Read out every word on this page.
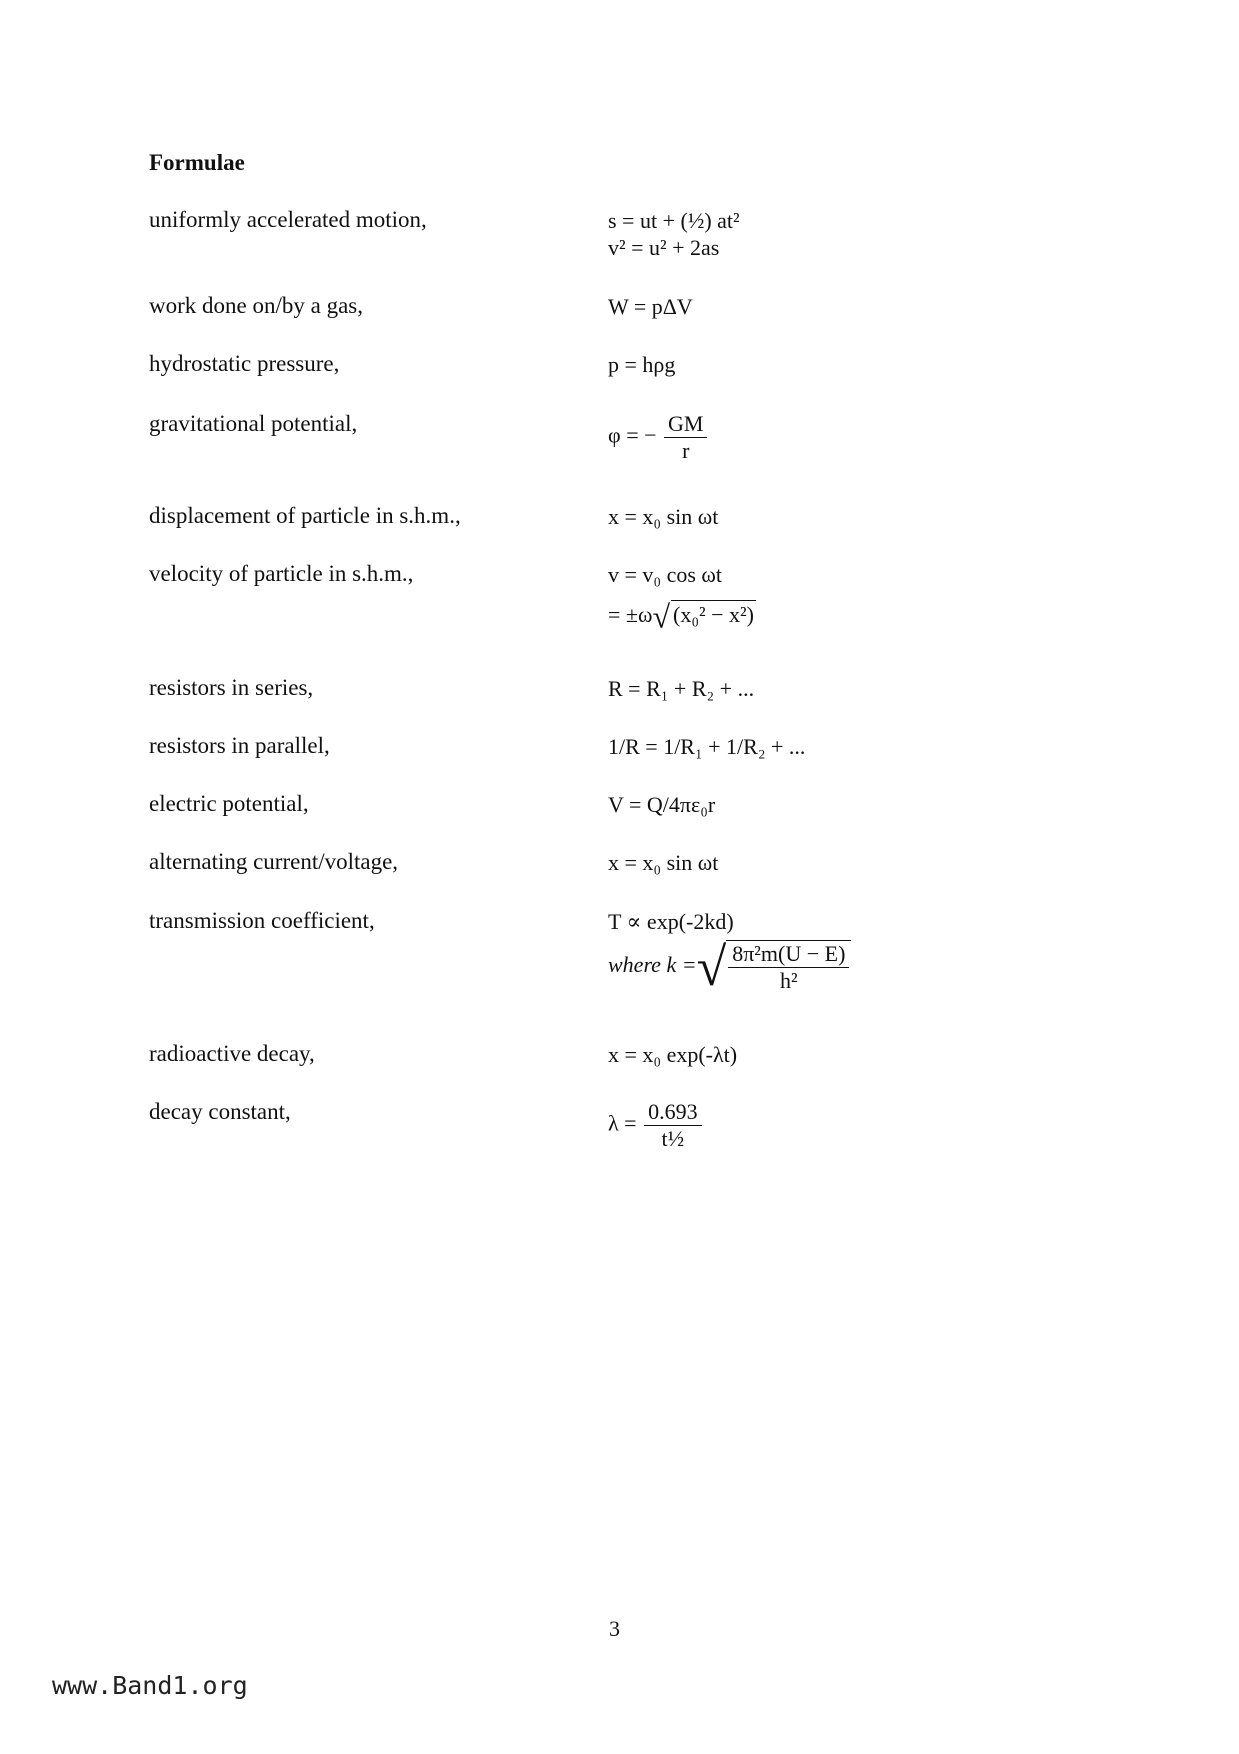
Formulae
uniformly accelerated motion,	s = ut + (½) at²
v² = u² + 2as
work done on/by a gas,	W = pΔV
hydrostatic pressure,	p = hρg
gravitational potential,	φ = − $\frac{GM}{r}$
displacement of particle in s.h.m.,	x = x₀ sin ωt
velocity of particle in s.h.m.,	v = v₀ cos ωt
= ±ω√ (x₀² − x²)
resistors in series,	R = R₁ + R₂ + ...
resistors in parallel,	1/R = 1/R₁ + 1/R₂ + ...
electric potential,	V = Q/4πε₀r
alternating current/voltage,	x = x₀ sin ωt
transmission coefficient,	T ∝ exp(-2kd)
where k =√ $\frac{\text{8π²m(U − E)}}{\text{h²}}$
radioactive decay,	x = x₀ exp(-λt)
decay constant,	$\lambda = \frac{0.693}{\text{t½}}$
3
www.Band1.org
